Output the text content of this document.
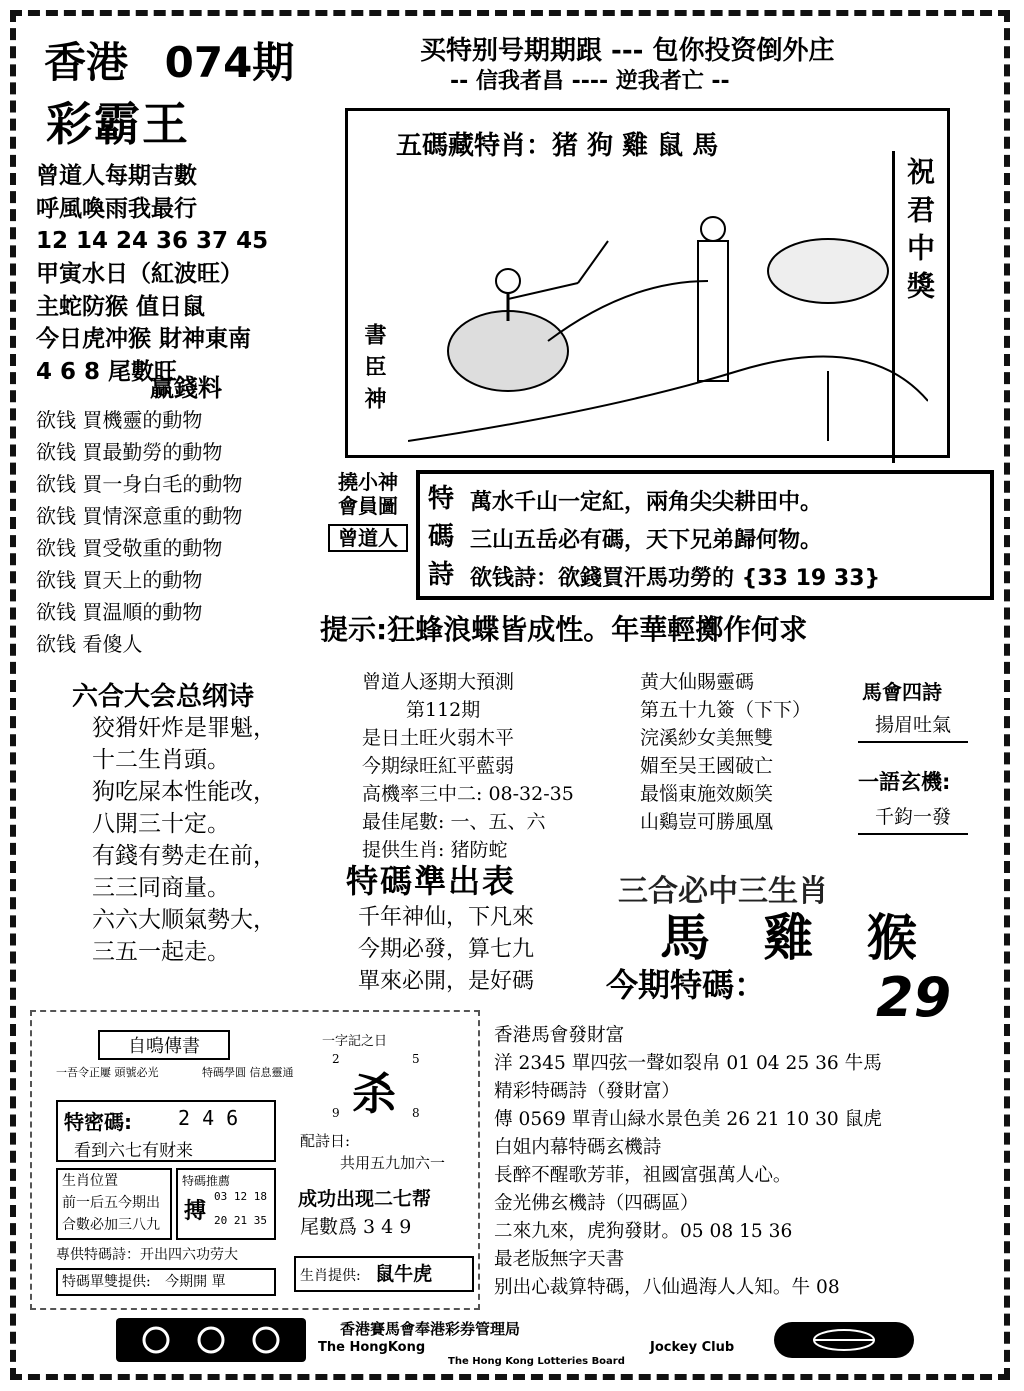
香港 074期
彩霸王
买特别号期期跟 --- 包你投资倒外庄
-- 信我者昌 ---- 逆我者亡 --
曾道人每期吉數
呼風喚雨我最行
12 14 24 36 37 45
甲寅水日（紅波旺）
主蛇防猴 值日鼠
今日虎冲猴 財神東南
4 6 8 尾數旺
赢錢料
欲钱 買機靈的動物
欲钱 買最勤勞的動物
欲钱 買一身白毛的動物
欲钱 買情深意重的動物
欲钱 買受敬重的動物
欲钱 買天上的動物
欲钱 買温順的動物
欲钱 看傻人
五碼藏特肖：猪 狗 雞 鼠 馬
書臣神
祝君中獎
撓小神
會員圖
曾道人
特
碼
詩
萬水千山一定紅，兩角尖尖耕田中。
三山五岳必有碼，天下兄弟歸何物。
欲钱詩：欲錢買汗馬功勞的 {33 19 33}
提示:狂蜂浪蝶皆成性。年華輕擲作何求
六合大会总纲诗
狡猾奸炸是罪魁，
十二生肖頭。
狗吃屎本性能改，
八開三十定。
有錢有勢走在前，
三三同商量。
六六大顺氣勢大，
三五一起走。
曾道人逐期大預測
第112期
是日土旺火弱木平
今期绿旺紅平藍弱
高機率三中二: 08-32-35
最佳尾數: 一、五、六
提供生肖: 猪防蛇
黄大仙賜靈碼
第五十九簽（下下）
浣溪紗女美無雙
媚至吴王國破亡
最惱東施效颇笑
山鷄豈可勝風凰
馬會四詩
揚眉吐氣
一語玄機:
千鈞一發
特碼準出表
千年神仙，下凡來
今期必發，算七九
單來必開，是好碼
三合必中三生肖
馬 雞 猴
今期特碼： 29
自鳴傳書
一吾令正屢 頭號必光	特碼學圓 信息靈通
特密碼: 2 4 6
看到六七有财来
生肖位置
前一后五今期出
合數必加三八九
特碼推薦
搏
03 12 18
20 21 35
專供特碼詩：开出四六功劳大
特碼單雙提供: 今期開 單
一字記之日
2	5
杀
9	8
配詩日:
共用五九加六一
成功出现二七帮
尾數爲 3 4 9
生肖提供: 鼠牛虎
香港馬會發財富
洋 2345 單四弦一聲如裂帛 01 04 25 36 牛馬
精彩特碼詩（發財富）
傳 0569 單青山緑水景色美 26 21 10 30 鼠虎
白姐内幕特碼玄機詩
長醉不醒歌芳菲，祖國富强萬人心。
金光佛玄機詩（四碼區）
二來九來，虎狗發財。05 08 15 36
最老版無字天書
别出心裁算特碼，八仙過海人人知。牛 08
香港賽馬會奉港彩券管理局
The HongKong	Jockey Club
The Hong Kong Lotteries Board
